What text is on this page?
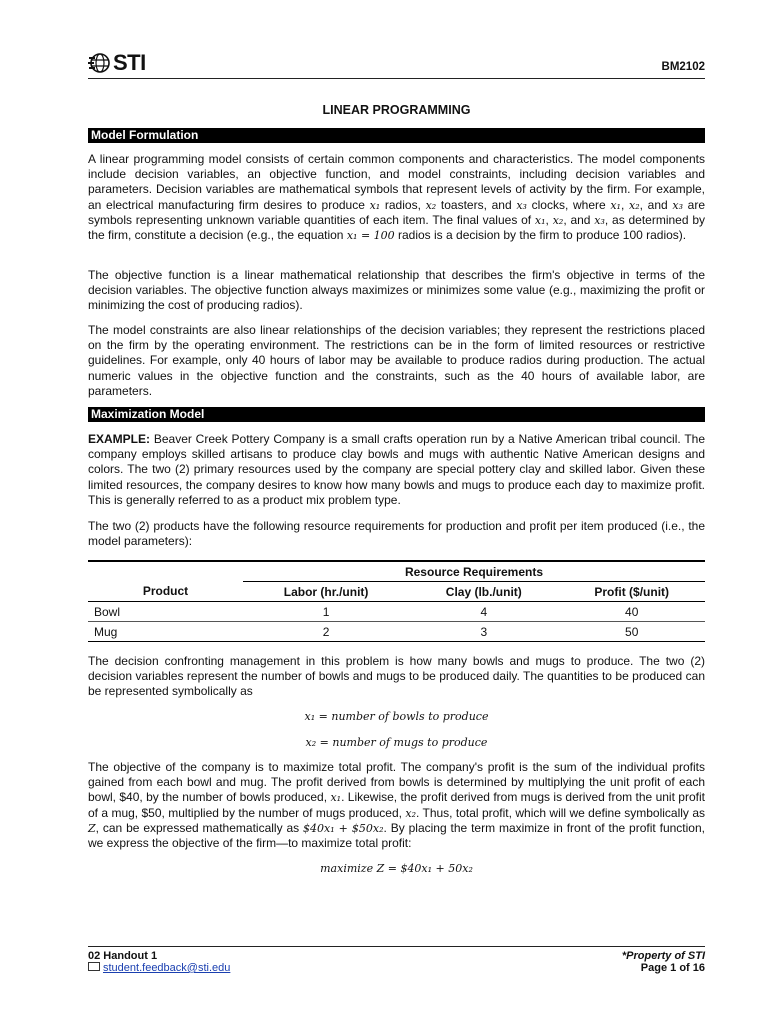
STI	BM2102
LINEAR PROGRAMMING
Model Formulation

A linear programming model consists of certain common components and characteristics. The model components include decision variables, an objective function, and model constraints, including decision variables and parameters. Decision variables are mathematical symbols that represent levels of activity by the firm. For example, an electrical manufacturing firm desires to produce x₁ radios, x₂ toasters, and x₃ clocks, where x₁, x₂, and x₃ are symbols representing unknown variable quantities of each item. The final values of x₁, x₂, and x₃, as determined by the firm, constitute a decision (e.g., the equation x₁ = 100 radios is a decision by the firm to produce 100 radios).

The objective function is a linear mathematical relationship that describes the firm's objective in terms of the decision variables. The objective function always maximizes or minimizes some value (e.g., maximizing the profit or minimizing the cost of producing radios).

The model constraints are also linear relationships of the decision variables; they represent the restrictions placed on the firm by the operating environment. The restrictions can be in the form of limited resources or restrictive guidelines. For example, only 40 hours of labor may be available to produce radios during production. The actual numeric values in the objective function and the constraints, such as the 40 hours of available labor, are parameters.

Maximization Model

EXAMPLE: Beaver Creek Pottery Company is a small crafts operation run by a Native American tribal council. The company employs skilled artisans to produce clay bowls and mugs with authentic Native American designs and colors. The two (2) primary resources used by the company are special pottery clay and skilled labor. Given these limited resources, the company desires to know how many bowls and mugs to produce each day to maximize profit. This is generally referred to as a product mix problem type.

The two (2) products have the following resource requirements for production and profit per item produced (i.e., the model parameters):

	Resource Requirements		
Product	Labor (hr./unit)	Clay (lb./unit)	Profit ($/unit)
Bowl	1	4	40
Mug	2	3	50

The decision confronting management in this problem is how many bowls and mugs to produce. The two (2) decision variables represent the number of bowls and mugs to be produced daily. The quantities to be produced can be represented symbolically as

x₁ = number of bowls to produce
x₂ = number of mugs to produce

The objective of the company is to maximize total profit. The company's profit is the sum of the individual profits gained from each bowl and mug. The profit derived from bowls is determined by multiplying the unit profit of each bowl, $40, by the number of bowls produced, x₁. Likewise, the profit derived from mugs is derived from the unit profit of a mug, $50, multiplied by the number of mugs produced, x₂. Thus, total profit, which will we define symbolically as Z, can be expressed mathematically as $40x₁ + $50x₂. By placing the term maximize in front of the profit function, we express the objective of the firm—to maximize total profit:

maximize Z = $40x₁ + 50x₂
02 Handout 1
student.feedback@sti.edu
*Property of STI
Page 1 of 16
